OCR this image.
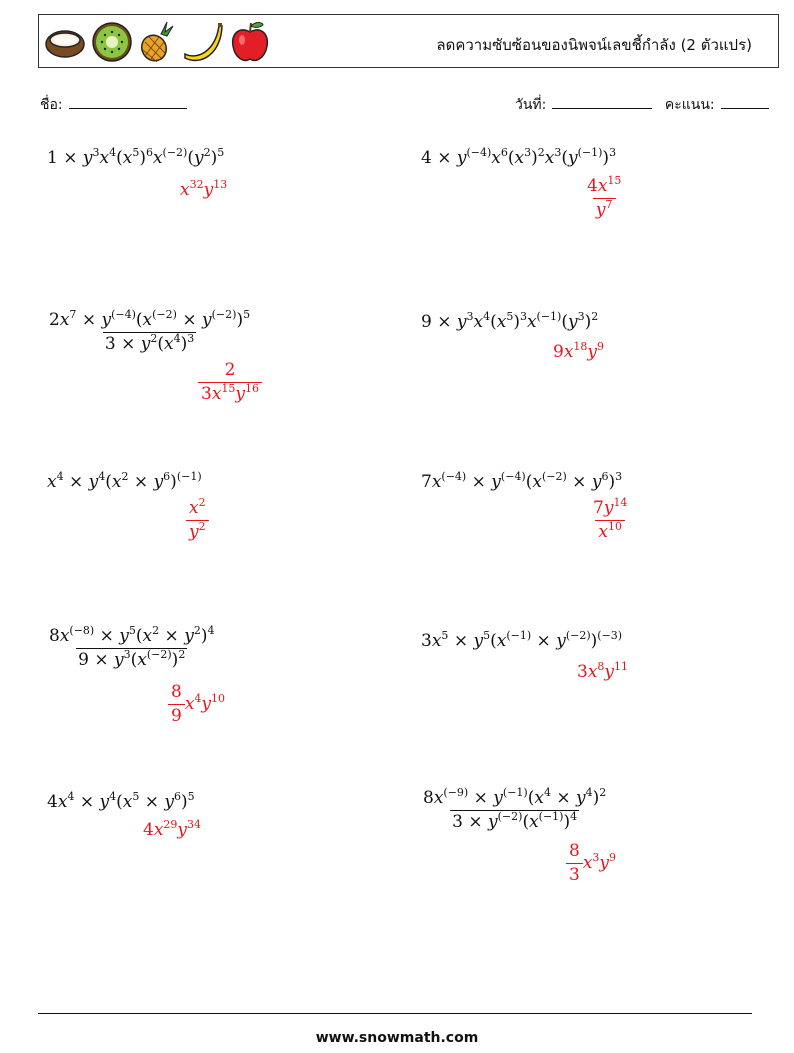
ลดความซับซ้อนของนิพจน์เลขชี้กำลัง (2 ตัวแปร)
ชื่อ:	วันที่:	คะแนน:
$1 \times y^3x^4(x^5)^6x^{(-2)}(y^2)^5$
$x^{32}y^{13}$
$4 \times y^{(-4)}x^6(x^3)^2x^3(y^{(-1)})^3$
$\frac{4x^{15}}{y^7}$
$\frac{2x^7 \times y^{(-4)}(x^{(-2)} \times y^{(-2)})^5}{3 \times y^2(x^4)^3}$
$\frac{2}{3x^{15}y^{16}}$
$9 \times y^3x^4(x^5)^3x^{(-1)}(y^3)^2$
$9x^{18}y^9$
$x^4 \times y^4(x^2 \times y^6)^{(-1)}$
$\frac{x^2}{y^2}$
$7x^{(-4)} \times y^{(-4)}(x^{(-2)} \times y^6)^3$
$\frac{7y^{14}}{x^{10}}$
$\frac{8x^{(-8)} \times y^5(x^2 \times y^2)^4}{9 \times y^3(x^{(-2)})^2}$
$\frac{8}{9} x^4y^{10}$
$3x^5 \times y^5(x^{(-1)} \times y^{(-2)})^{(-3)}$
$3x^8y^{11}$
$4x^4 \times y^4(x^5 \times y^6)^5$
$4x^{29}y^{34}$	$\frac{8x^{(-9)} \times y^{(-1)}(x^4 \times y^4)^2}{3 \times y^{(-2)}(x^{(-1)})^4}$
$\frac{8}{3} x^3y^9$
www.snowmath.com
